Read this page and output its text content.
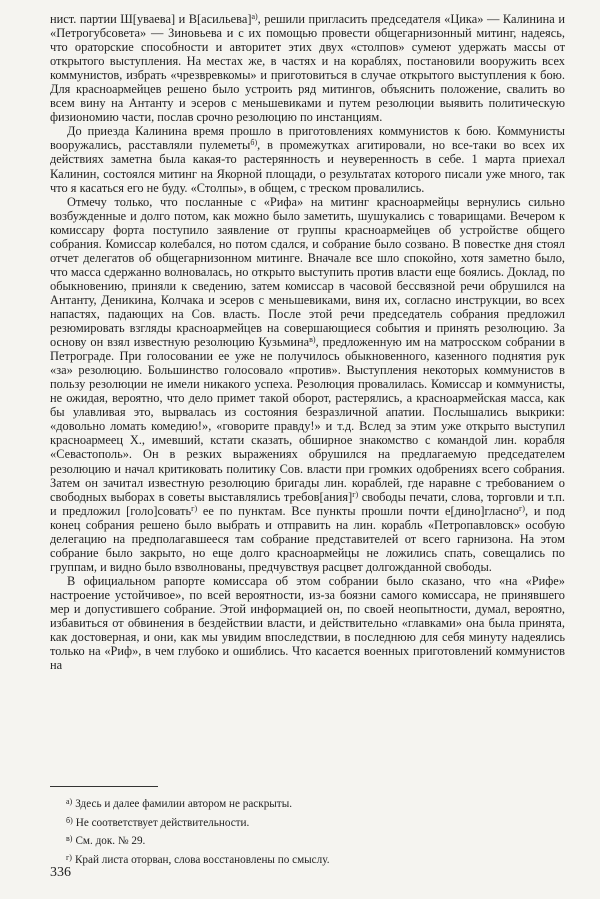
нист. партии Ш[уваева] и В[асильева]$^{а)}$, решили пригласить председателя «Цика» — Калинина и «Петрогубсовета» — Зиновьева и с их помощью провести общегарнизонный митинг, надеясь, что ораторские способности и авторитет этих двух «столпов» сумеют удержать массы от открытого выступления. На местах же, в частях и на кораблях, постановили вооружить всех коммунистов, избрать «чрезвревкомы» и приготовиться в случае открытого выступления к бою. Для красноармейцев решено было устроить ряд митингов, объяснить положение, свалить во всем вину на Антанту и эсеров с меньшевиками и путем резолюции выявить политическую физиономию части, послав срочно резолюцию по инстанциям.

До приезда Калинина время прошло в приготовлениях коммунистов к бою. Коммунисты вооружались, расставляли пулеметы$^{б)}$, в промежутках агитировали, но все-таки во всех их действиях заметна была какая-то растерянность и неуверенность в себе. 1 марта приехал Калинин, состоялся митинг на Якорной площади, о результатах которого писали уже много, так что я касаться его не буду. «Столпы», в общем, с треском провалились.

Отмечу только, что посланные с «Рифа» на митинг красноармейцы вернулись сильно возбужденные и долго потом, как можно было заметить, шушукались с товарищами. Вечером к комиссару форта поступило заявление от группы красноармейцев об устройстве общего собрания. Комиссар колебался, но потом сдался, и собрание было созвано. В повестке дня стоял отчет делегатов об общегарнизонном митинге. Вначале все шло спокойно, хотя заметно было, что масса сдержанно волновалась, но открыто выступить против власти еще боялись. Доклад, по обыкновению, приняли к сведению, затем комиссар в часовой бессвязной речи обрушился на Антанту, Деникина, Колчака и эсеров с меньшевиками, виня их, согласно инструкции, во всех напастях, падающих на Сов. власть. После этой речи председатель собрания предложил резюмировать взгляды красноармейцев на совершающиеся события и принять резолюцию. За основу он взял известную резолюцию Кузьмина$^{в)}$, предложенную им на матросском собрании в Петрограде. При голосовании ее уже не получилось обыкновенного, казенного поднятия рук «за» резолюцию. Большинство голосовало «против». Выступления некоторых коммунистов в пользу резолюции не имели никакого успеха. Резолюция провалилась. Комиссар и коммунисты, не ожидая, вероятно, что дело примет такой оборот, растерялись, а красноармейская масса, как бы улавливая это, вырвалась из состояния безразличной апатии. Послышались выкрики: «довольно ломать комедию!», «говорите правду!» и т.д. Вслед за этим уже открыто выступил красноармеец Х., имевший, кстати сказать, обширное знакомство с командой лин. корабля «Севастополь». Он в резких выражениях обрушился на предлагаемую председателем резолюцию и начал критиковать политику Сов. власти при громких одобрениях всего собрания. Затем он зачитал известную резолюцию бригады лин. кораблей, где наравне с требованием о свободных выборах в советы выставлялись требов[ания]$^{г)}$ свободы печати, слова, торговли и т.п. и предложил [голо]совать$^{г)}$ ее по пунктам. Все пункты прошли почти е[дино]гласно$^{г)}$, и под конец собрания решено было выбрать и отправить на лин. корабль «Петропавловск» особую делегацию на предполагавшееся там собрание представителей от всего гарнизона. На этом собрание было закрыто, но еще долго красноармейцы не ложились спать, совещались по группам, и видно было взволнованы, предчувствуя расцвет долгожданной свободы.

В официальном рапорте комиссара об этом собрании было сказано, что «на «Рифе» настроение устойчивое», по всей вероятности, из-за боязни самого комиссара, не принявшего мер и допустившего собрание. Этой информацией он, по своей неопытности, думал, вероятно, избавиться от обвинения в бездействии власти, и действительно «главками» она была принята, как достоверная, и они, как мы увидим впоследствии, в последнюю для себя минуту надеялись только на «Риф», в чем глубоко и ошиблись. Что касается военных приготовлений коммунистов на

$^{а)}$ Здесь и далее фамилии автором не раскрыты.
$^{б)}$ Не соответствует действительности.
$^{в)}$ См. док. № 29.
$^{г)}$ Край листа оторван, слова восстановлены по смыслу.
336
